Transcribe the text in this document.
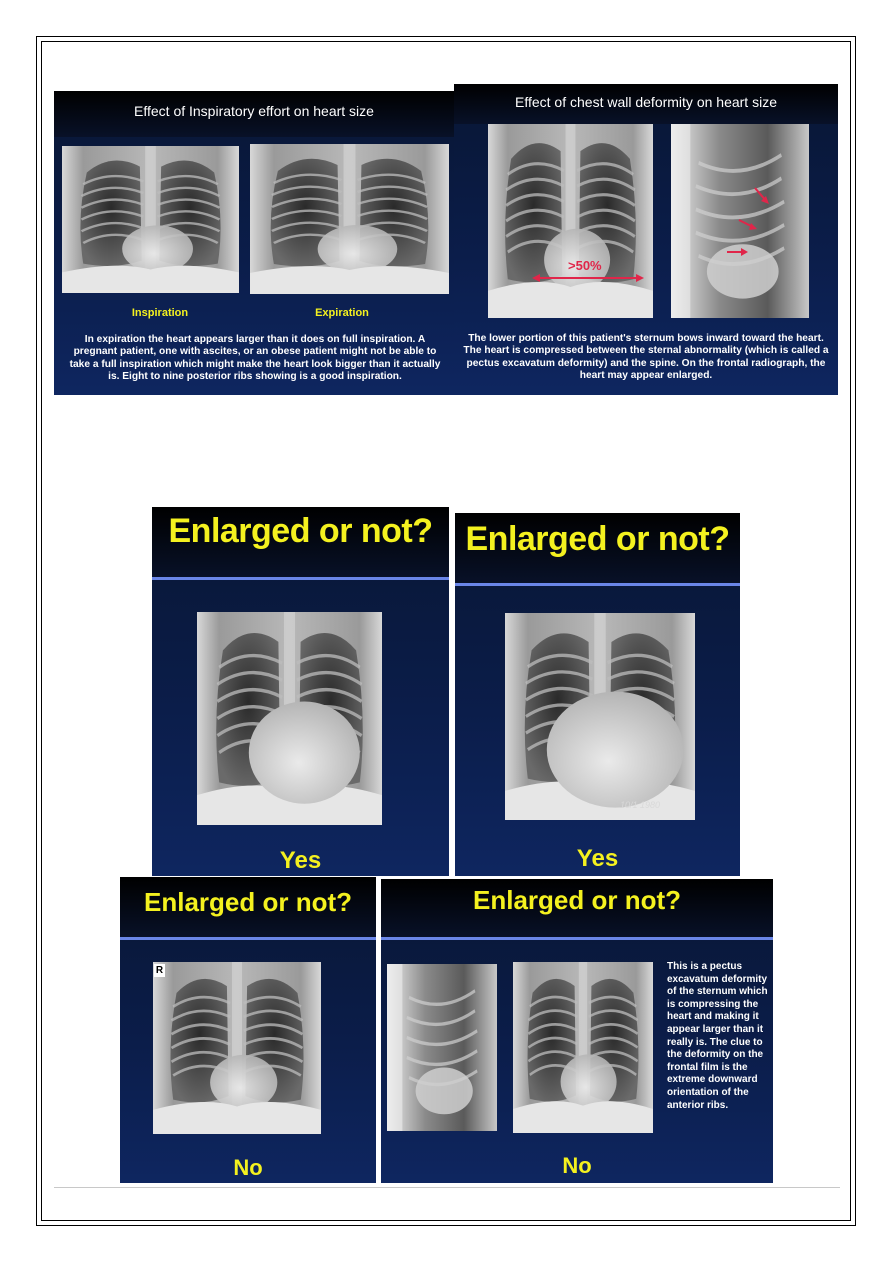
Effect of Inspiratory effort on heart size
Inspiration	Expiration
In expiration the heart appears larger than it does on full inspiration. A pregnant patient, one with ascites, or an obese patient might not be able to take a full inspiration which might make the heart look bigger than it actually is. Eight to nine posterior ribs showing is a good inspiration.
Effect of chest wall deformity on heart size
>50%
The lower portion of this patient's sternum bows inward toward the heart. The heart is compressed between the sternal abnormality (which is called a pectus excavatum deformity) and the spine. On the frontal radiograph, the heart may appear enlarged.
Enlarged or not?
Yes
Enlarged or not?
10/1 1980
Yes
Enlarged or not?
R
No
Enlarged or not?
This is a pectus excavatum deformity of the sternum which is compressing the heart and making it appear larger than it really is. The clue to the deformity on the frontal film is the extreme downward orientation of the anterior ribs.
No
